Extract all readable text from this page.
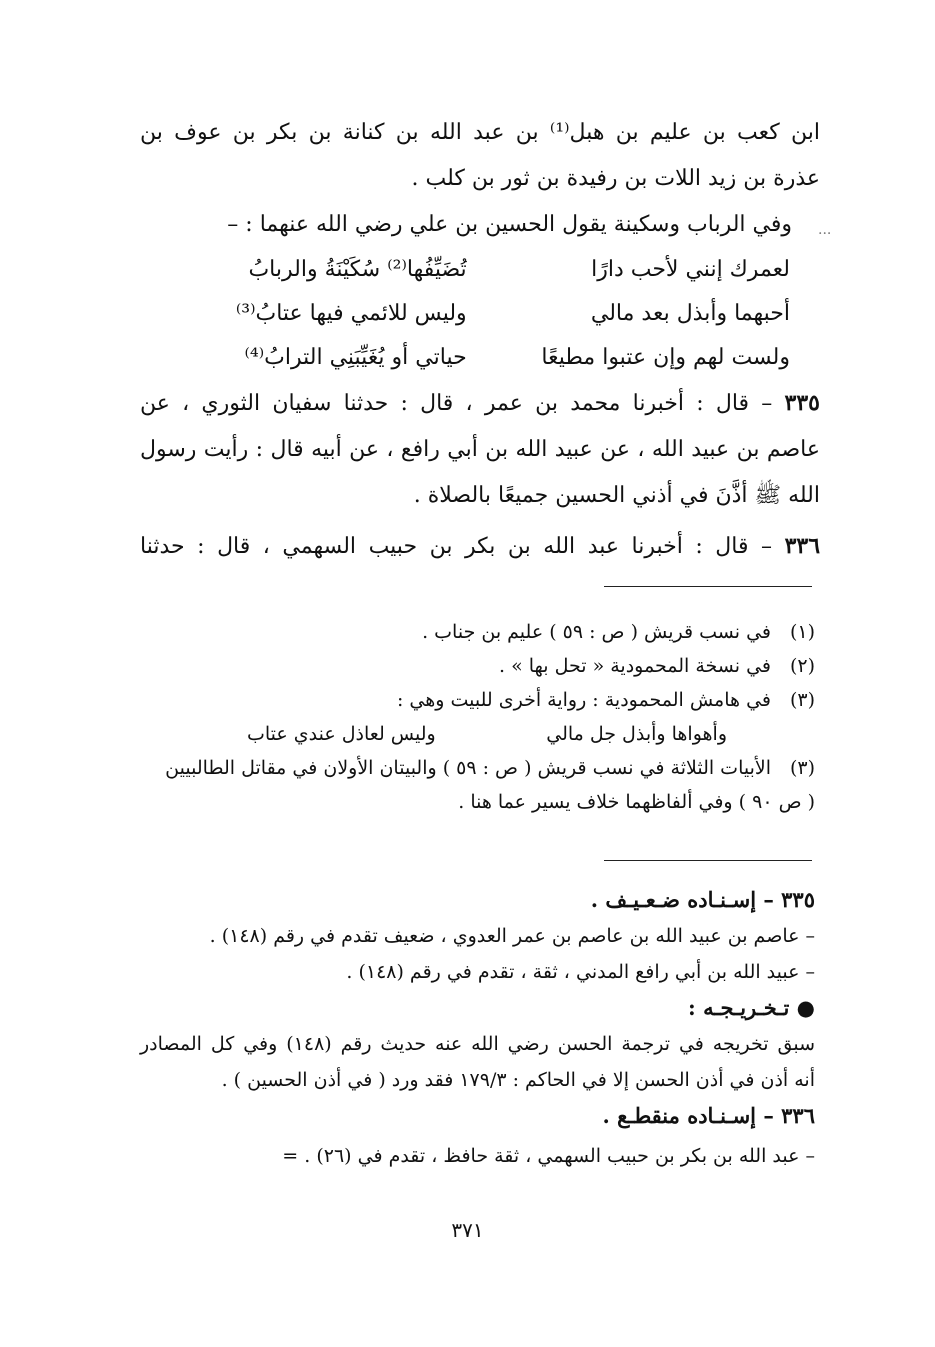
...
ابن كعب بن عليم بن هبل⁽¹⁾ بن عبد الله بن كنانة بن بكر بن عوف بن
عذرة بن زيد اللات بن رفيدة بن ثور بن كلب .
وفي الرباب وسكينة يقول الحسين بن علي رضي الله عنهما : –
لعمرك إنني لأحب دارًا
تُضَيِّفُها⁽²⁾ سُكَيْنَةُ والربابُ
أحبهما وأبذل بعد مالي
وليس للائمي فيها عتابُ⁽³⁾
ولست لهم وإن عتبوا مطيعًا
حياتي أو يُغَيِّبَنِي الترابُ⁽⁴⁾
٣٣٥ – قال : أخبرنا محمد بن عمر ، قال : حدثنا سفيان الثوري ، عن
عاصم بن عبيد الله ، عن عبيد الله بن أبي رافع ، عن أبيه قال : رأيت رسول
الله ﷺ أذَّنَ في أذني الحسين جميعًا بالصلاة .
٣٣٦ – قال : أخبرنا عبد الله بن بكر بن حبيب السهمي ، قال : حدثنا
(١)في نسب قريش ( ص : ٥٩ ) عليم بن جناب .
(٢)في نسخة المحمودية « تحل بها » .
(٣)في هامش المحمودية : رواية أخرى للبيت وهي :
وأهواها وأبذل جل مالي
وليس لعاذل عندي عتاب
(٣)الأبيات الثلاثة في نسب قريش ( ص : ٥٩ ) والبيتان الأولان في مقاتل الطالبيين
( ص ٩٠ ) وفي ألفاظهما خلاف يسير عما هنا .
٣٣٥ – إسـنـاده ضـعـيـف .
– عاصم بن عبيد الله بن عاصم بن عمر العدوي ، ضعيف تقدم في رقم (١٤٨) .
– عبيد الله بن أبي رافع المدني ، ثقة ، تقدم في رقم (١٤٨) .
● تـخـريـجـه :
سبق تخريجه في ترجمة الحسن رضي الله عنه حديث رقم (١٤٨) وفي كل المصادر
أنه أذن في أذن الحسن إلا في الحاكم : ١٧٩/٣ فقد ورد ( في أذن الحسين ) .
٣٣٦ – إسـنـاده منقطـع .
– عبد الله بن بكر بن حبيب السهمي ، ثقة حافظ ، تقدم في (٢٦) . =
٣٧١
